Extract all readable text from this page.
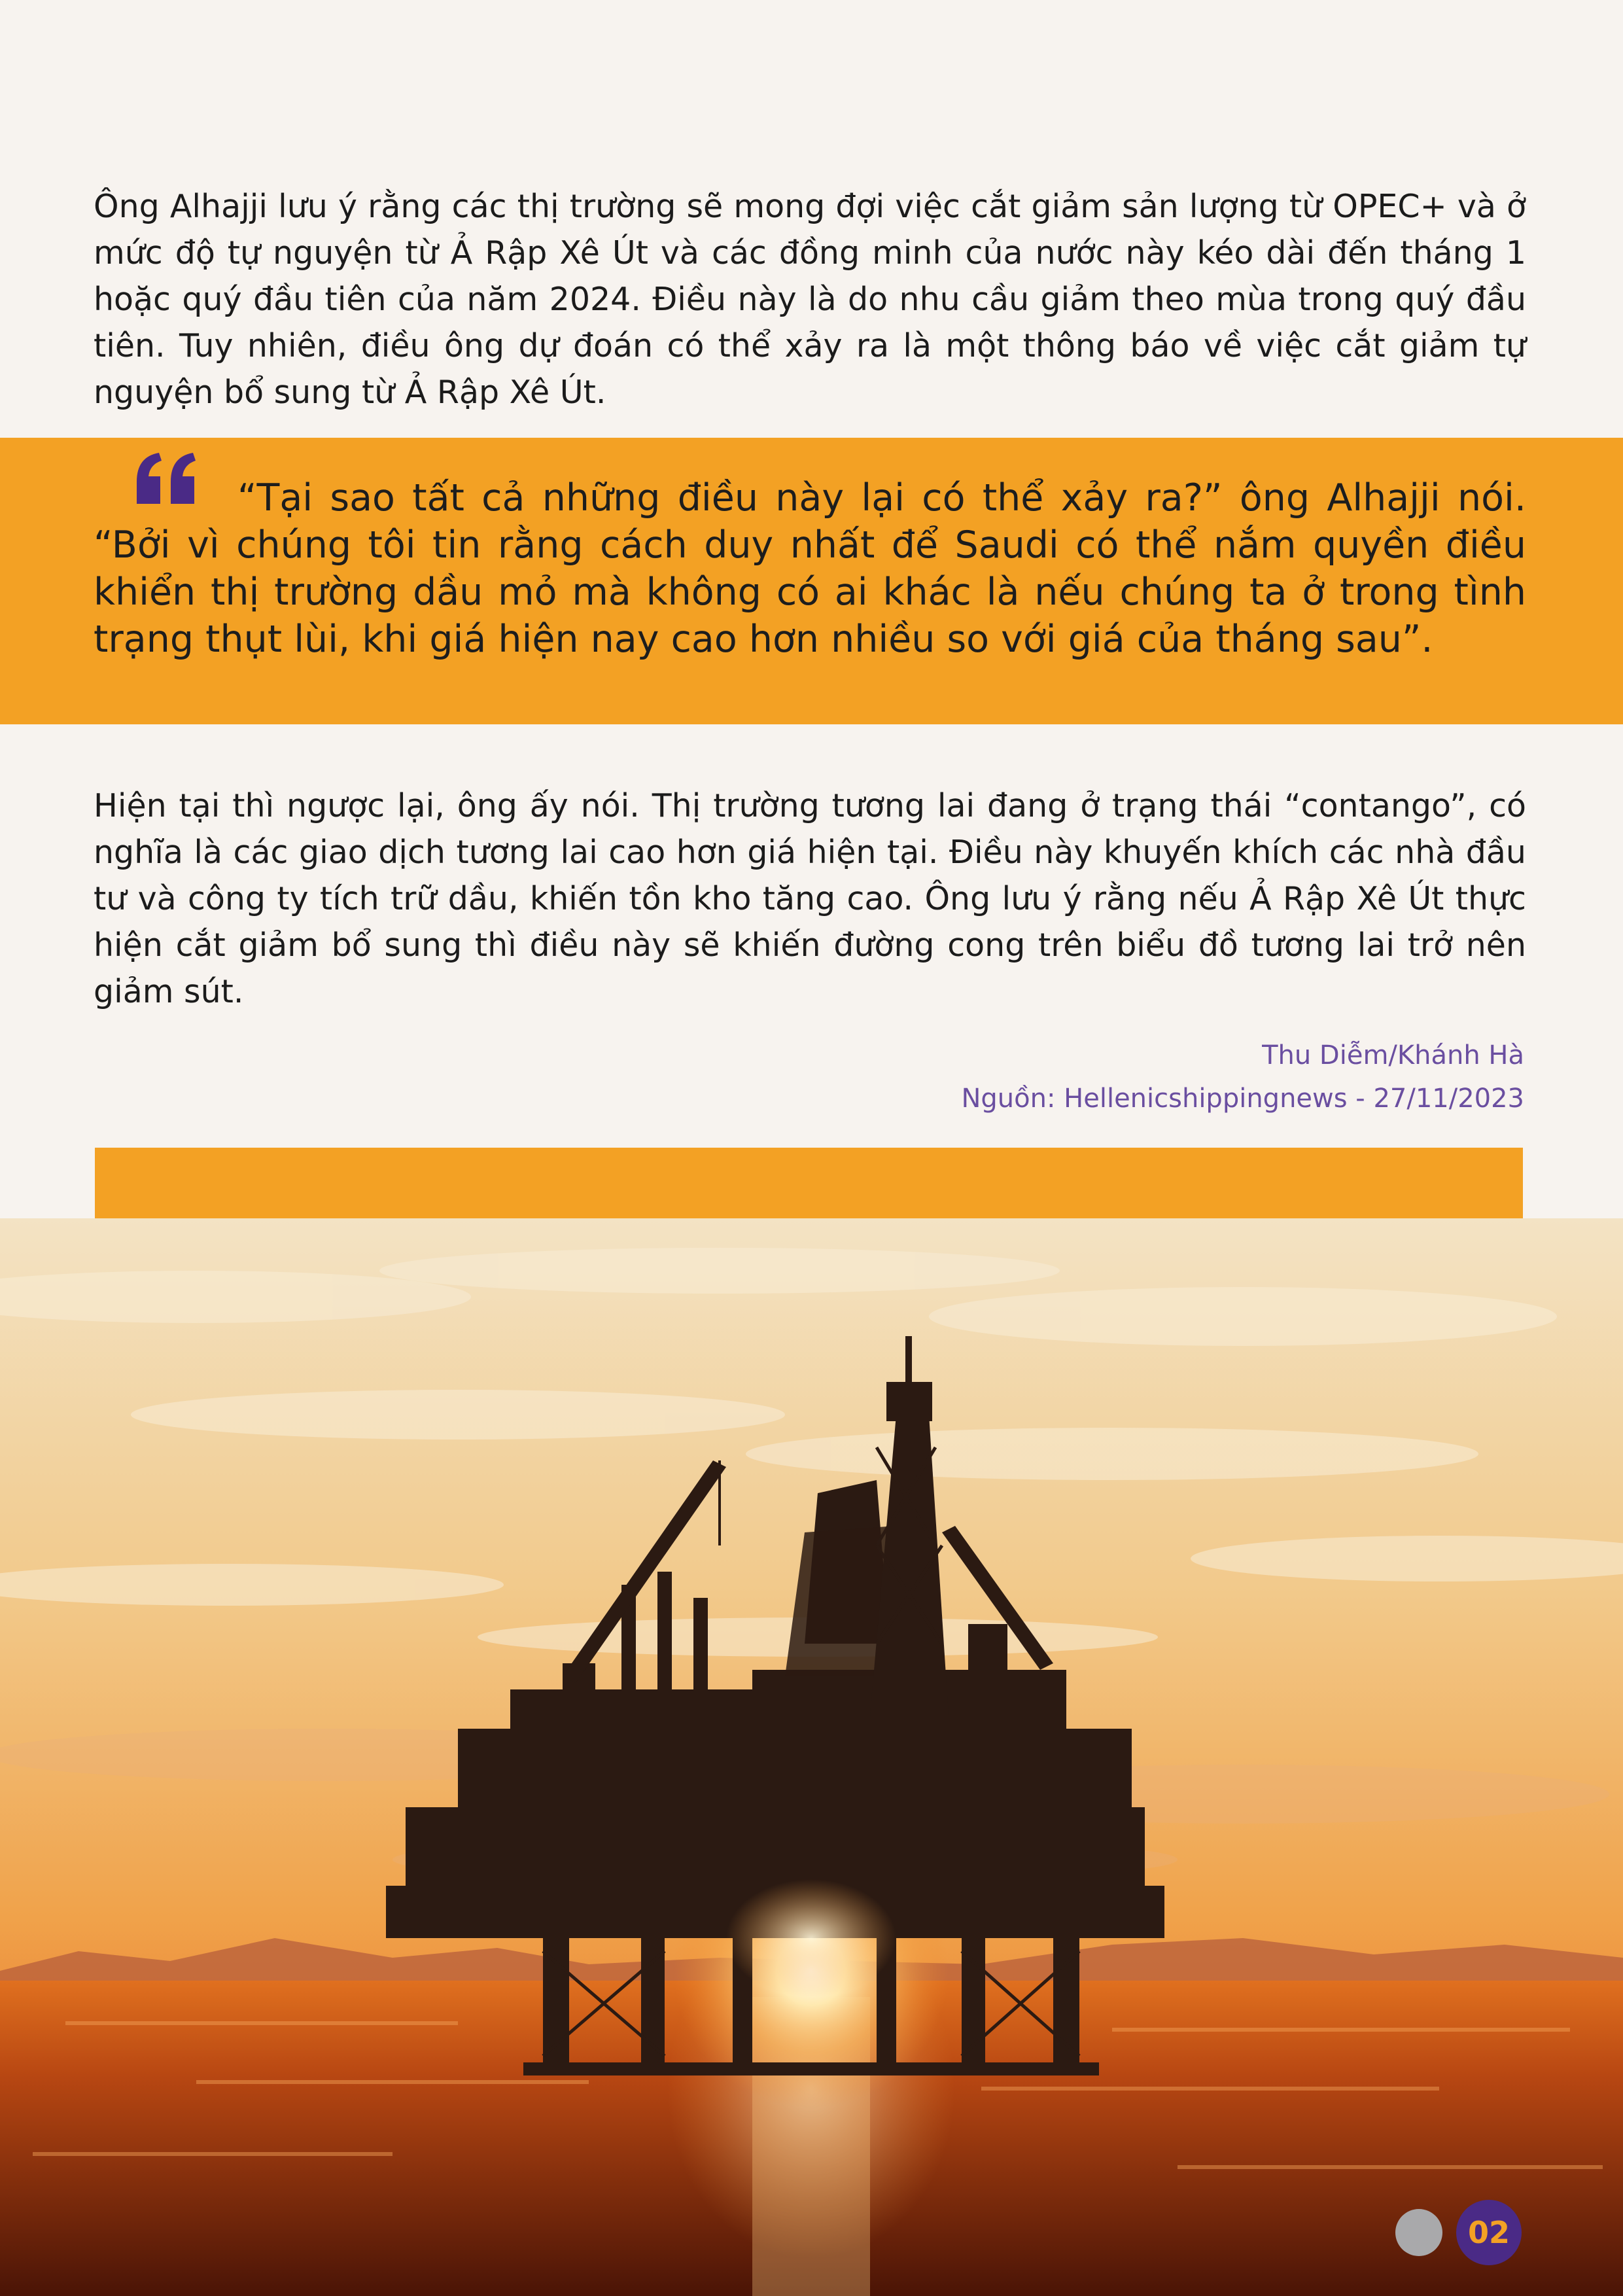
Ông Alhajji lưu ý rằng các thị trường sẽ mong đợi việc cắt giảm sản lượng từ OPEC+ và ở mức độ tự nguyện từ Ả Rập Xê Út và các đồng minh của nước này kéo dài đến tháng 1 hoặc quý đầu tiên của năm 2024. Điều này là do nhu cầu giảm theo mùa trong quý đầu tiên. Tuy nhiên, điều ông dự đoán có thể xảy ra là một thông báo về việc cắt giảm tự nguyện bổ sung từ Ả Rập Xê Út.

“Tại sao tất cả những điều này lại có thể xảy ra?” ông Alhajji nói. “Bởi vì chúng tôi tin rằng cách duy nhất để Saudi có thể nắm quyền điều khiển thị trường dầu mỏ mà không có ai khác là nếu chúng ta ở trong tình trạng thụt lùi, khi giá hiện nay cao hơn nhiều so với giá của tháng sau”.

Hiện tại thì ngược lại, ông ấy nói. Thị trường tương lai đang ở trạng thái “contango”, có nghĩa là các giao dịch tương lai cao hơn giá hiện tại. Điều này khuyến khích các nhà đầu tư và công ty tích trữ dầu, khiến tồn kho tăng cao. Ông lưu ý rằng nếu Ả Rập Xê Út thực hiện cắt giảm bổ sung thì điều này sẽ khiến đường cong trên biểu đồ tương lai trở nên giảm sút.

Thu Diễm/Khánh Hà

Nguồn: Hellenicshippingnews - 27/11/2023

02
